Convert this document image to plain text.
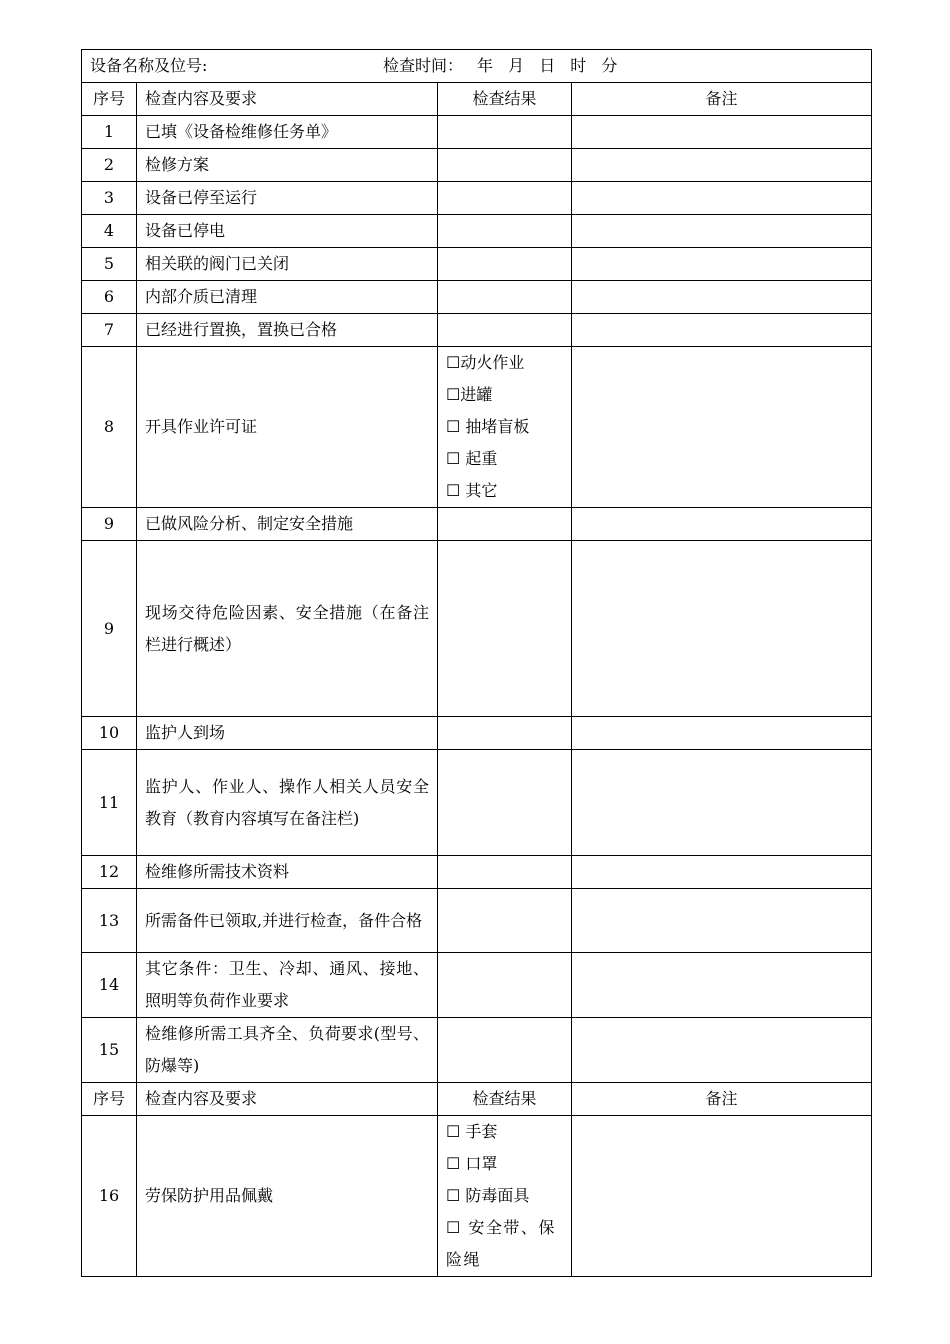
设备名称及位号: 检查时间： 年 月 日 时 分			
序号	检查内容及要求	检查结果	备注
1	已填《设备检维修任务单》		
2	检修方案		
3	设备已停至运行		
4	设备已停电		
5	相关联的阀门已关闭		
6	内部介质已清理		
7	已经进行置换，置换已合格		
8	开具作业许可证	☐动火作业
☐进罐
☐ 抽堵盲板
☐ 起重
☐ 其它	

9	已做风险分析、制定安全措施		
9	现场交待危险因素、安全措施（在备注栏进行概述）		
10	监护人到场		
11	监护人、作业人、操作人相关人员安全教育（教育内容填写在备注栏)		
12	检维修所需技术资料		
13	所需备件已领取,并进行检查，备件合格		
14	其它条件：卫生、冷却、通风、接地、照明等负荷作业要求		
15	检维修所需工具齐全、负荷要求(型号、防爆等)		
序号	检查内容及要求	检查结果	备注
16	劳保防护用品佩戴	☐ 手套
☐ 口罩
☐ 防毒面具
☐ 安全带、保险绳	
